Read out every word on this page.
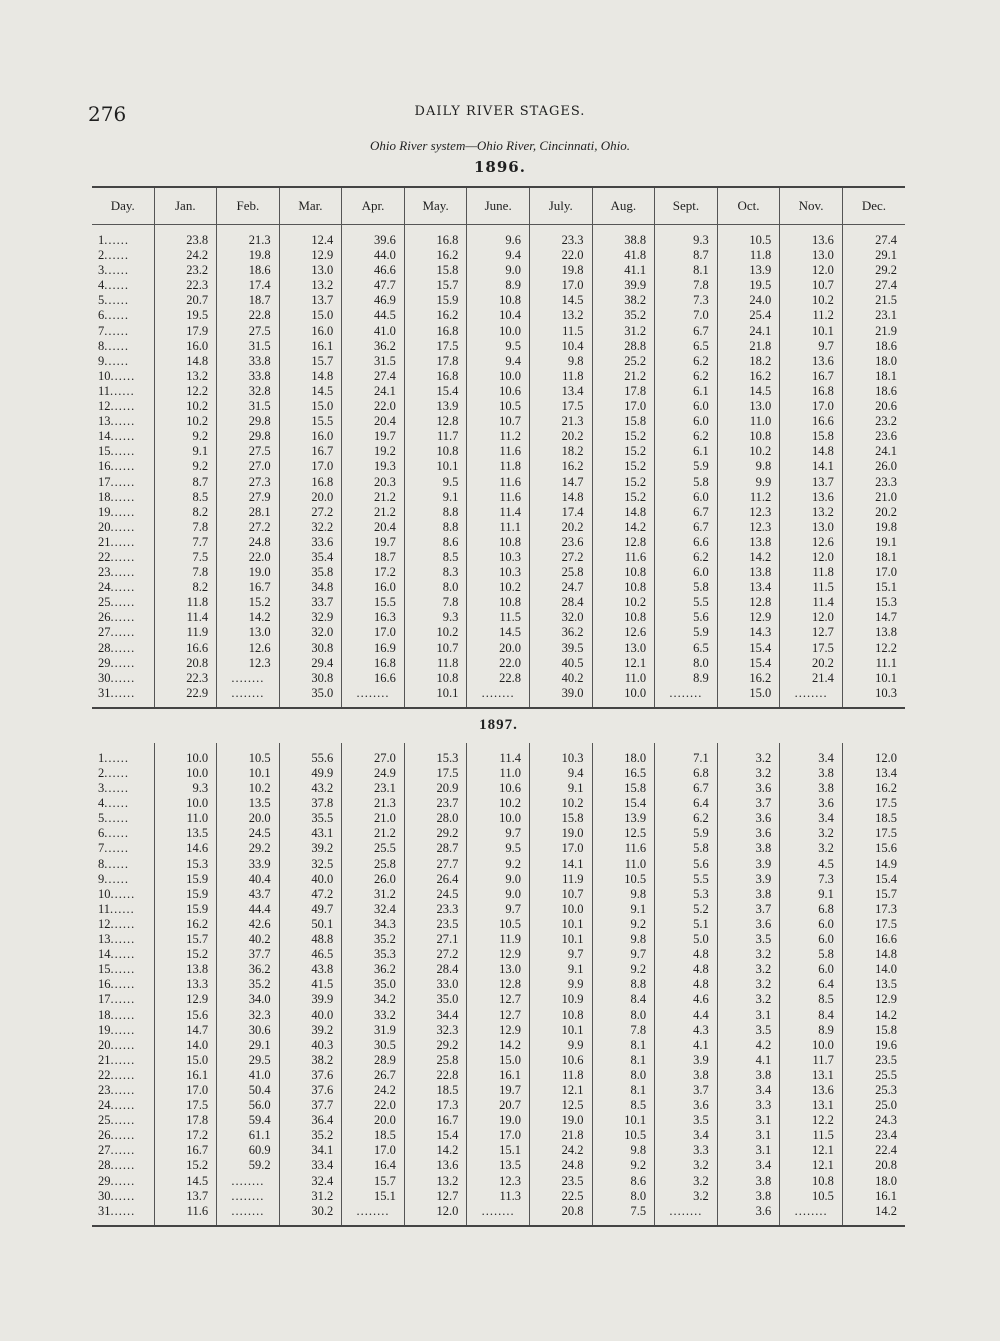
276	DAILY RIVER STAGES.
Ohio River system—Ohio River, Cincinnati, Ohio.
1896.
Day.	Jan.	Feb.	Mar.	Apr.	May.	June.	July.	Aug.	Sept.	Oct.	Nov.	Dec.

1......	23.8	21.3	12.4	39.6	16.8	9.6	23.3	38.8	9.3	10.5	13.6	27.4
2......	24.2	19.8	12.9	44.0	16.2	9.4	22.0	41.8	8.7	11.8	13.0	29.1
3......	23.2	18.6	13.0	46.6	15.8	9.0	19.8	41.1	8.1	13.9	12.0	29.2
4......	22.3	17.4	13.2	47.7	15.7	8.9	17.0	39.9	7.8	19.5	10.7	27.4
5......	20.7	18.7	13.7	46.9	15.9	10.8	14.5	38.2	7.3	24.0	10.2	21.5
6......	19.5	22.8	15.0	44.5	16.2	10.4	13.2	35.2	7.0	25.4	11.2	23.1
7......	17.9	27.5	16.0	41.0	16.8	10.0	11.5	31.2	6.7	24.1	10.1	21.9
8......	16.0	31.5	16.1	36.2	17.5	9.5	10.4	28.8	6.5	21.8	9.7	18.6
9......	14.8	33.8	15.7	31.5	17.8	9.4	9.8	25.2	6.2	18.2	13.6	18.0
10......	13.2	33.8	14.8	27.4	16.8	10.0	11.8	21.2	6.2	16.2	16.7	18.1
11......	12.2	32.8	14.5	24.1	15.4	10.6	13.4	17.8	6.1	14.5	16.8	18.6
12......	10.2	31.5	15.0	22.0	13.9	10.5	17.5	17.0	6.0	13.0	17.0	20.6
13......	10.2	29.8	15.5	20.4	12.8	10.7	21.3	15.8	6.0	11.0	16.6	23.2
14......	9.2	29.8	16.0	19.7	11.7	11.2	20.2	15.2	6.2	10.8	15.8	23.6
15......	9.1	27.5	16.7	19.2	10.8	11.6	18.2	15.2	6.1	10.2	14.8	24.1
16......	9.2	27.0	17.0	19.3	10.1	11.8	16.2	15.2	5.9	9.8	14.1	26.0
17......	8.7	27.3	16.8	20.3	9.5	11.6	14.7	15.2	5.8	9.9	13.7	23.3
18......	8.5	27.9	20.0	21.2	9.1	11.6	14.8	15.2	6.0	11.2	13.6	21.0
19......	8.2	28.1	27.2	21.2	8.8	11.4	17.4	14.8	6.7	12.3	13.2	20.2
20......	7.8	27.2	32.2	20.4	8.8	11.1	20.2	14.2	6.7	12.3	13.0	19.8
21......	7.7	24.8	33.6	19.7	8.6	10.8	23.6	12.8	6.6	13.8	12.6	19.1
22......	7.5	22.0	35.4	18.7	8.5	10.3	27.2	11.6	6.2	14.2	12.0	18.1
23......	7.8	19.0	35.8	17.2	8.3	10.3	25.8	10.8	6.0	13.8	11.8	17.0
24......	8.2	16.7	34.8	16.0	8.0	10.2	24.7	10.8	5.8	13.4	11.5	15.1
25......	11.8	15.2	33.7	15.5	7.8	10.8	28.4	10.2	5.5	12.8	11.4	15.3
26......	11.4	14.2	32.9	16.3	9.3	11.5	32.0	10.8	5.6	12.9	12.0	14.7
27......	11.9	13.0	32.0	17.0	10.2	14.5	36.2	12.6	5.9	14.3	12.7	13.8
28......	16.6	12.6	30.8	16.9	10.7	20.0	39.5	13.0	6.5	15.4	17.5	12.2
29......	20.8	12.3	29.4	16.8	11.8	22.0	40.5	12.1	8.0	15.4	20.2	11.1
30......	22.3	........	30.8	16.6	10.8	22.8	40.2	11.0	8.9	16.2	21.4	10.1
31......	22.9	........	35.0	........	10.1	........	39.0	10.0	........	15.0	........	10.3

1897.												

1......	10.0	10.5	55.6	27.0	15.3	11.4	10.3	18.0	7.1	3.2	3.4	12.0
2......	10.0	10.1	49.9	24.9	17.5	11.0	9.4	16.5	6.8	3.2	3.8	13.4
3......	9.3	10.2	43.2	23.1	20.9	10.6	9.1	15.8	6.7	3.6	3.8	16.2
4......	10.0	13.5	37.8	21.3	23.7	10.2	10.2	15.4	6.4	3.7	3.6	17.5
5......	11.0	20.0	35.5	21.0	28.0	10.0	15.8	13.9	6.2	3.6	3.4	18.5
6......	13.5	24.5	43.1	21.2	29.2	9.7	19.0	12.5	5.9	3.6	3.2	17.5
7......	14.6	29.2	39.2	25.5	28.7	9.5	17.0	11.6	5.8	3.8	3.2	15.6
8......	15.3	33.9	32.5	25.8	27.7	9.2	14.1	11.0	5.6	3.9	4.5	14.9
9......	15.9	40.4	40.0	26.0	26.4	9.0	11.9	10.5	5.5	3.9	7.3	15.4
10......	15.9	43.7	47.2	31.2	24.5	9.0	10.7	9.8	5.3	3.8	9.1	15.7
11......	15.9	44.4	49.7	32.4	23.3	9.7	10.0	9.1	5.2	3.7	6.8	17.3
12......	16.2	42.6	50.1	34.3	23.5	10.5	10.1	9.2	5.1	3.6	6.0	17.5
13......	15.7	40.2	48.8	35.2	27.1	11.9	10.1	9.8	5.0	3.5	6.0	16.6
14......	15.2	37.7	46.5	35.3	27.2	12.9	9.7	9.7	4.8	3.2	5.8	14.8
15......	13.8	36.2	43.8	36.2	28.4	13.0	9.1	9.2	4.8	3.2	6.0	14.0
16......	13.3	35.2	41.5	35.0	33.0	12.8	9.9	8.8	4.8	3.2	6.4	13.5
17......	12.9	34.0	39.9	34.2	35.0	12.7	10.9	8.4	4.6	3.2	8.5	12.9
18......	15.6	32.3	40.0	33.2	34.4	12.7	10.8	8.0	4.4	3.1	8.4	14.2
19......	14.7	30.6	39.2	31.9	32.3	12.9	10.1	7.8	4.3	3.5	8.9	15.8
20......	14.0	29.1	40.3	30.5	29.2	14.2	9.9	8.1	4.1	4.2	10.0	19.6
21......	15.0	29.5	38.2	28.9	25.8	15.0	10.6	8.1	3.9	4.1	11.7	23.5
22......	16.1	41.0	37.6	26.7	22.8	16.1	11.8	8.0	3.8	3.8	13.1	25.5
23......	17.0	50.4	37.6	24.2	18.5	19.7	12.1	8.1	3.7	3.4	13.6	25.3
24......	17.5	56.0	37.7	22.0	17.3	20.7	12.5	8.5	3.6	3.3	13.1	25.0
25......	17.8	59.4	36.4	20.0	16.7	19.0	19.0	10.1	3.5	3.1	12.2	24.3
26......	17.2	61.1	35.2	18.5	15.4	17.0	21.8	10.5	3.4	3.1	11.5	23.4
27......	16.7	60.9	34.1	17.0	14.2	15.1	24.2	9.8	3.3	3.1	12.1	22.4
28......	15.2	59.2	33.4	16.4	13.6	13.5	24.8	9.2	3.2	3.4	12.1	20.8
29......	14.5	........	32.4	15.7	13.2	12.3	23.5	8.6	3.2	3.8	10.8	18.0
30......	13.7	........	31.2	15.1	12.7	11.3	22.5	8.0	3.2	3.8	10.5	16.1
31......	11.6	........	30.2	........	12.0	........	20.8	7.5	........	3.6	........	14.2
